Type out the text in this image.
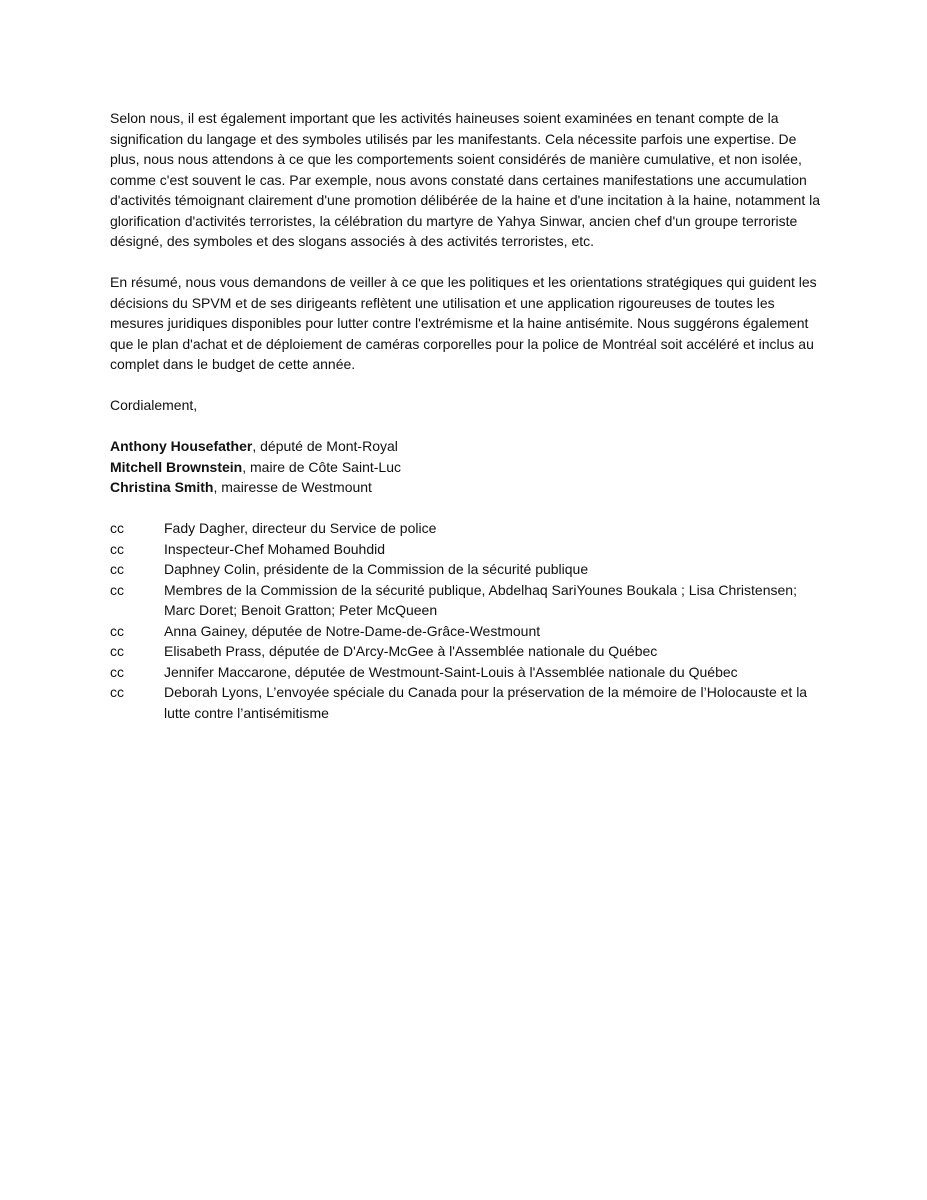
Selon nous, il est également important que les activités haineuses soient examinées en tenant compte de la signification du langage et des symboles utilisés par les manifestants. Cela nécessite parfois une expertise. De plus, nous nous attendons à ce que les comportements soient considérés de manière cumulative, et non isolée, comme c'est souvent le cas. Par exemple, nous avons constaté dans certaines manifestations une accumulation d'activités témoignant clairement d'une promotion délibérée de la haine et d'une incitation à la haine, notamment la glorification d'activités terroristes, la célébration du martyre de Yahya Sinwar, ancien chef d'un groupe terroriste désigné, des symboles et des slogans associés à des activités terroristes, etc.

En résumé, nous vous demandons de veiller à ce que les politiques et les orientations stratégiques qui guident les décisions du SPVM et de ses dirigeants reflètent une utilisation et une application rigoureuses de toutes les mesures juridiques disponibles pour lutter contre l'extrémisme et la haine antisémite. Nous suggérons également que le plan d'achat et de déploiement de caméras corporelles pour la police de Montréal soit accéléré et inclus au complet dans le budget de cette année.

Cordialement,

Anthony Housefather, député de Mont-Royal
Mitchell Brownstein, maire de Côte Saint-Luc
Christina Smith, mairesse de Westmount
cc	Fady Dagher, directeur du Service de police
cc	Inspecteur-Chef Mohamed Bouhdid
cc	Daphney Colin, présidente de la Commission de la sécurité publique
cc	Membres de la Commission de la sécurité publique, Abdelhaq SariYounes Boukala ; Lisa Christensen; Marc Doret; Benoit Gratton; Peter McQueen
cc	Anna Gainey, députée de Notre-Dame-de-Grâce-Westmount
cc	Elisabeth Prass, députée de D'Arcy-McGee à l'Assemblée nationale du Québec
cc	Jennifer Maccarone, députée de Westmount-Saint-Louis à l'Assemblée nationale du Québec
cc	Deborah Lyons, L’envoyée spéciale du Canada pour la préservation de la mémoire de l’Holocauste et la lutte contre l’antisémitisme
